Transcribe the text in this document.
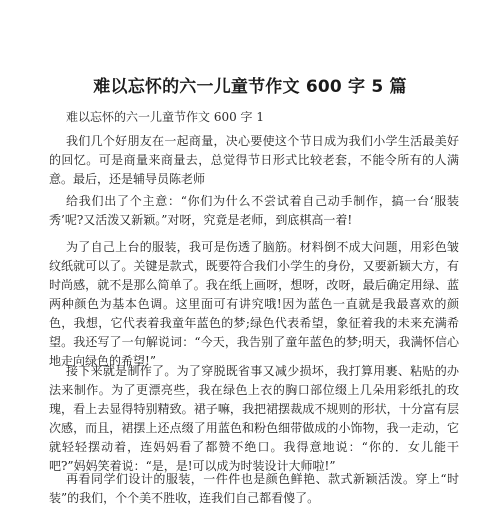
难以忘怀的六一儿童节作文 600 字 5 篇
难以忘怀的六一儿童节作文 600 字 1

我们几个好朋友在一起商量，决心要使这个节日成为我们小学生活最美好的回忆。可是商量来商量去，总觉得节日形式比较老套，不能令所有的人满意。最后，还是辅导员陈老师

给我们出了个主意：“你们为什么不尝试着自己动手制作，搞一台‘服装秀’呢?又活泼又新颖。”对呀，究竟是老师，到底棋高一着!

为了自己上台的服装，我可是伤透了脑筋。材料倒不成大问题，用彩色皱纹纸就可以了。关键是款式，既要符合我们小学生的身份，又要新颖大方，有时尚感，就不是那么简单了。我在纸上画呀，想呀，改呀，最后确定用绿、蓝两种颜色为基本色调。这里面可有讲究哦!因为蓝色一直就是我最喜欢的颜色，我想，它代表着我童年蓝色的梦;绿色代表希望，象征着我的未来充满希望。我还写了一句解说词：“今天，我告别了童年蓝色的梦;明天，我满怀信心地走向绿色的希望!”

接下来就是制作了。为了穿脱既省事又减少损坏，我打算用裹、粘贴的办法来制作。为了更漂亮些，我在绿色上衣的胸口部位缀上几朵用彩纸扎的玫瑰，看上去显得特别精致。裙子嘛，我把裙摆裁成不规则的形状，十分富有层次感，而且，裙摆上还点缀了用蓝色和粉色细带做成的小饰物，我一走动，它就轻轻摆动着，连妈妈看了都赞不绝口。我得意地说：“你的．女儿能干吧?”妈妈笑着说：“是，是!可以成为时装设计大师啦!”

再看同学们设计的服装，一件件也是颜色鲜艳、款式新颖活泼。穿上“时装”的我们，个个美不胜收，连我们自己都看傻了。
